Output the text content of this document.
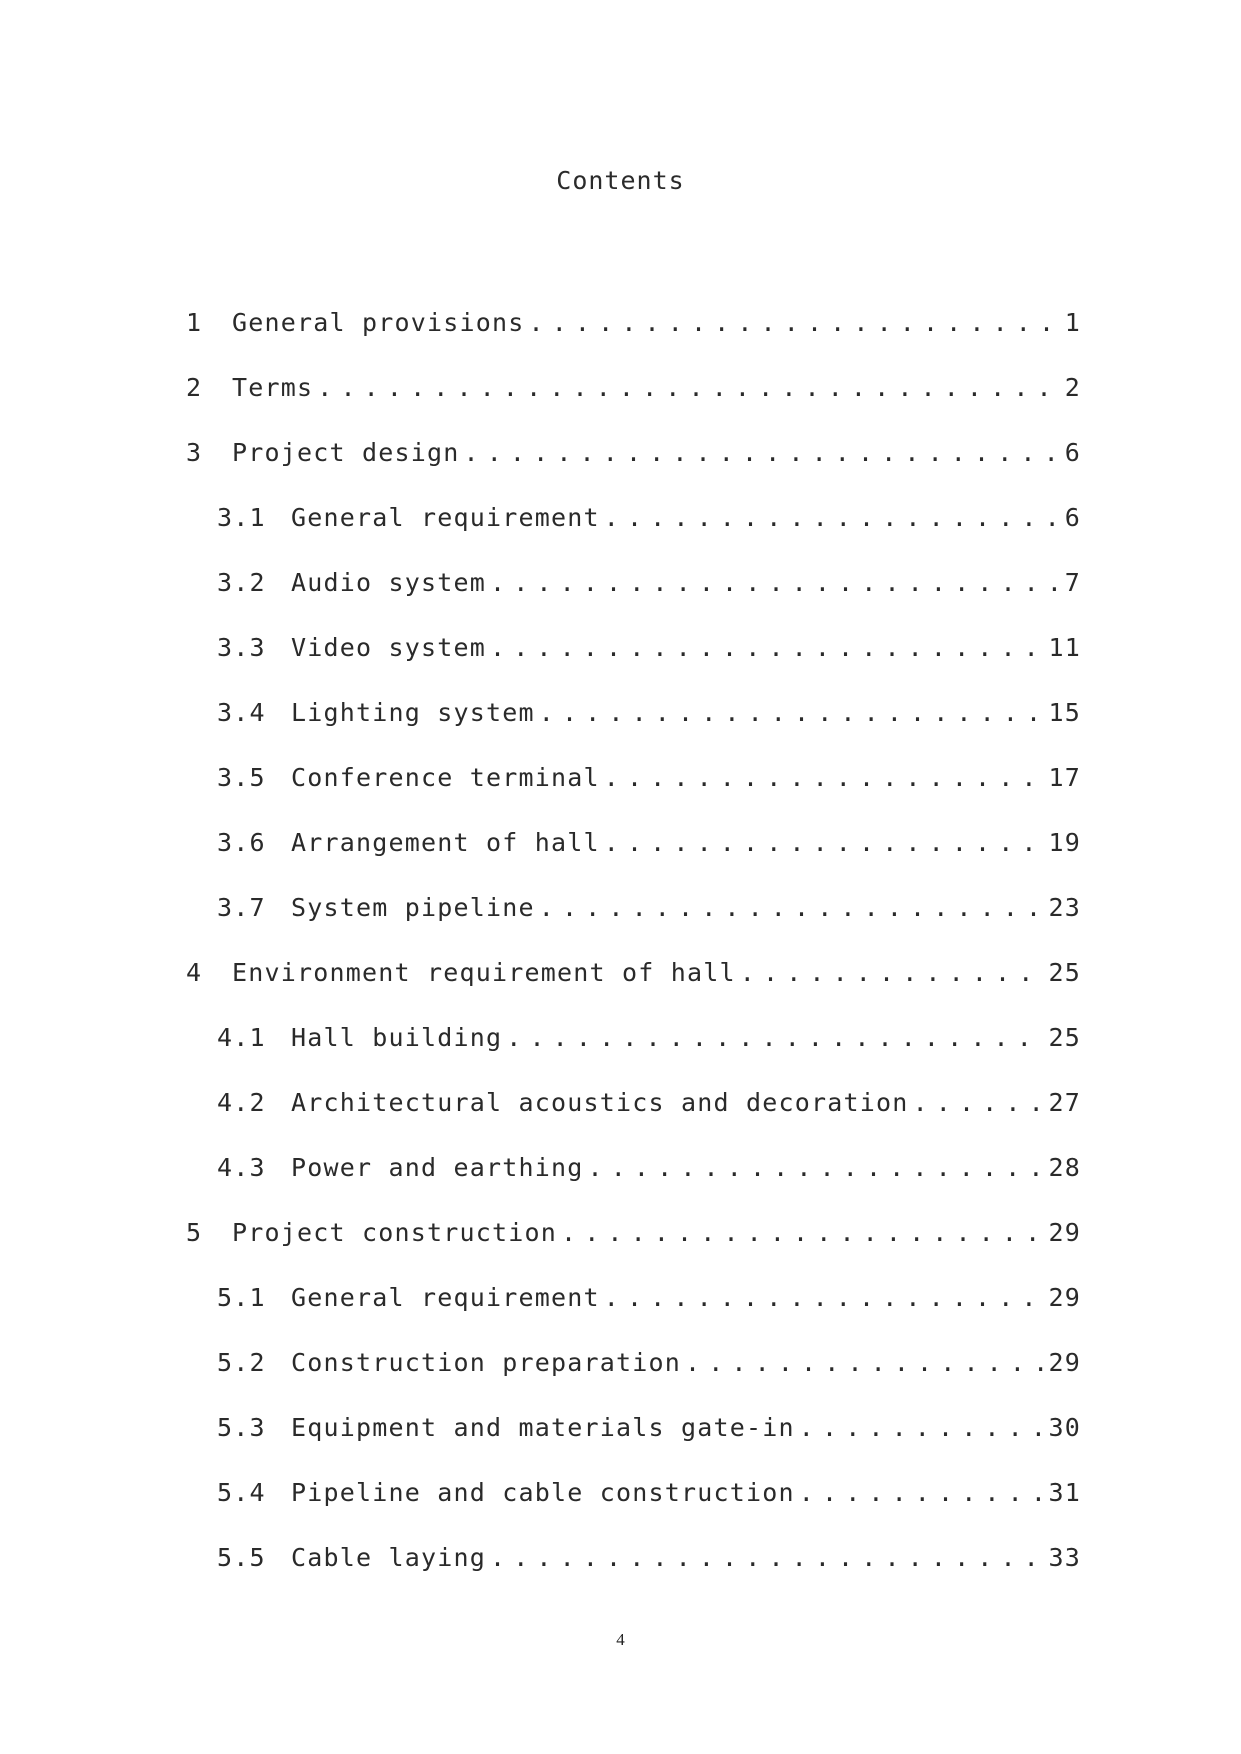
Contents
1	General provisions . . .	1
2	Terms . . .	2
3	Project design . . .	6
3.1	General requirement . . .	6
3.2	Audio system . . .	7
3.3	Video system . . .	11
3.4	Lighting system . . .	15
3.5	Conference terminal . . .	17
3.6	Arrangement of hall . . .	19
3.7	System pipeline . . .	23
4	Environment requirement of hall . . .	25
4.1	Hall building . . .	25
4.2	Architectural acoustics and decoration . . .	27
4.3	Power and earthing . . .	28
5	Project construction . . .	29
5.1	General requirement . . .	29
5.2	Construction preparation . . .	29
5.3	Equipment and materials gate-in . . .	30
5.4	Pipeline and cable construction . . .	31
5.5	Cable laying . . .	33
4
